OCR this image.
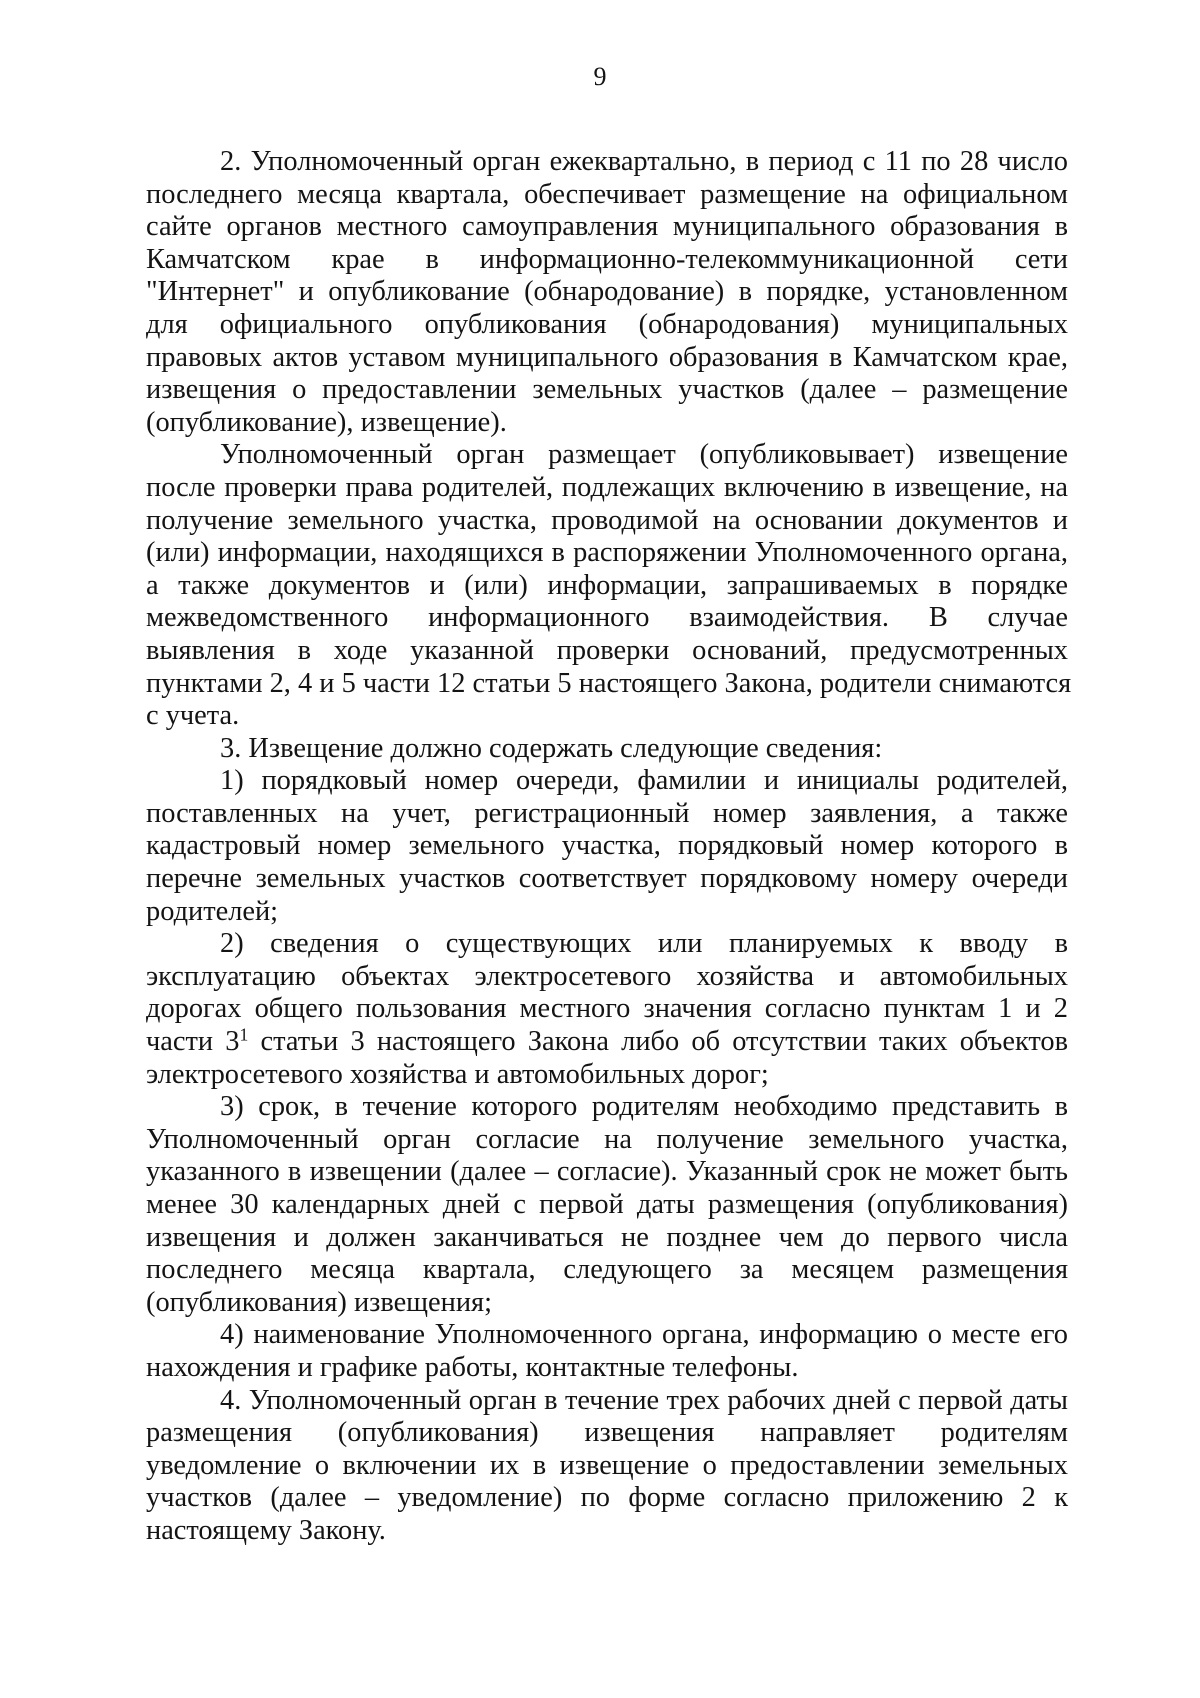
9

2. Уполномоченный орган ежеквартально, в период с 11 по 28 число
последнего месяца квартала, обеспечивает размещение на официальном
сайте органов местного самоуправления муниципального образования в
Камчатском крае в информационно-телекоммуникационной сети
"Интернет" и опубликование (обнародование) в порядке, установленном
для официального опубликования (обнародования) муниципальных
правовых актов уставом муниципального образования в Камчатском крае,
извещения о предоставлении земельных участков (далее – размещение
(опубликование), извещение).

Уполномоченный орган размещает (опубликовывает) извещение
после проверки права родителей, подлежащих включению в извещение, на
получение земельного участка, проводимой на основании документов и
(или) информации, находящихся в распоряжении Уполномоченного органа,
а также документов и (или) информации, запрашиваемых в порядке
межведомственного информационного взаимодействия. В случае
выявления в ходе указанной проверки оснований, предусмотренных
пунктами 2, 4 и 5 части 12 статьи 5 настоящего Закона, родители снимаются
с учета.

3. Извещение должно содержать следующие сведения:

1) порядковый номер очереди, фамилии и инициалы родителей,
поставленных на учет, регистрационный номер заявления, а также
кадастровый номер земельного участка, порядковый номер которого в
перечне земельных участков соответствует порядковому номеру очереди
родителей;

2) сведения о существующих или планируемых к вводу в
эксплуатацию объектах электросетевого хозяйства и автомобильных
дорогах общего пользования местного значения согласно пунктам 1 и 2
части $3^1$ статьи 3 настоящего Закона либо об отсутствии таких объектов
электросетевого хозяйства и автомобильных дорог;

3) срок, в течение которого родителям необходимо представить в
Уполномоченный орган согласие на получение земельного участка,
указанного в извещении (далее – согласие). Указанный срок не может быть
менее 30 календарных дней с первой даты размещения (опубликования)
извещения и должен заканчиваться не позднее чем до первого числа
последнего месяца квартала, следующего за месяцем размещения
(опубликования) извещения;

4) наименование Уполномоченного органа, информацию о месте его
нахождения и графике работы, контактные телефоны.

4. Уполномоченный орган в течение трех рабочих дней с первой даты
размещения (опубликования) извещения направляет родителям
уведомление о включении их в извещение о предоставлении земельных
участков (далее – уведомление) по форме согласно приложению 2 к
настоящему Закону.
